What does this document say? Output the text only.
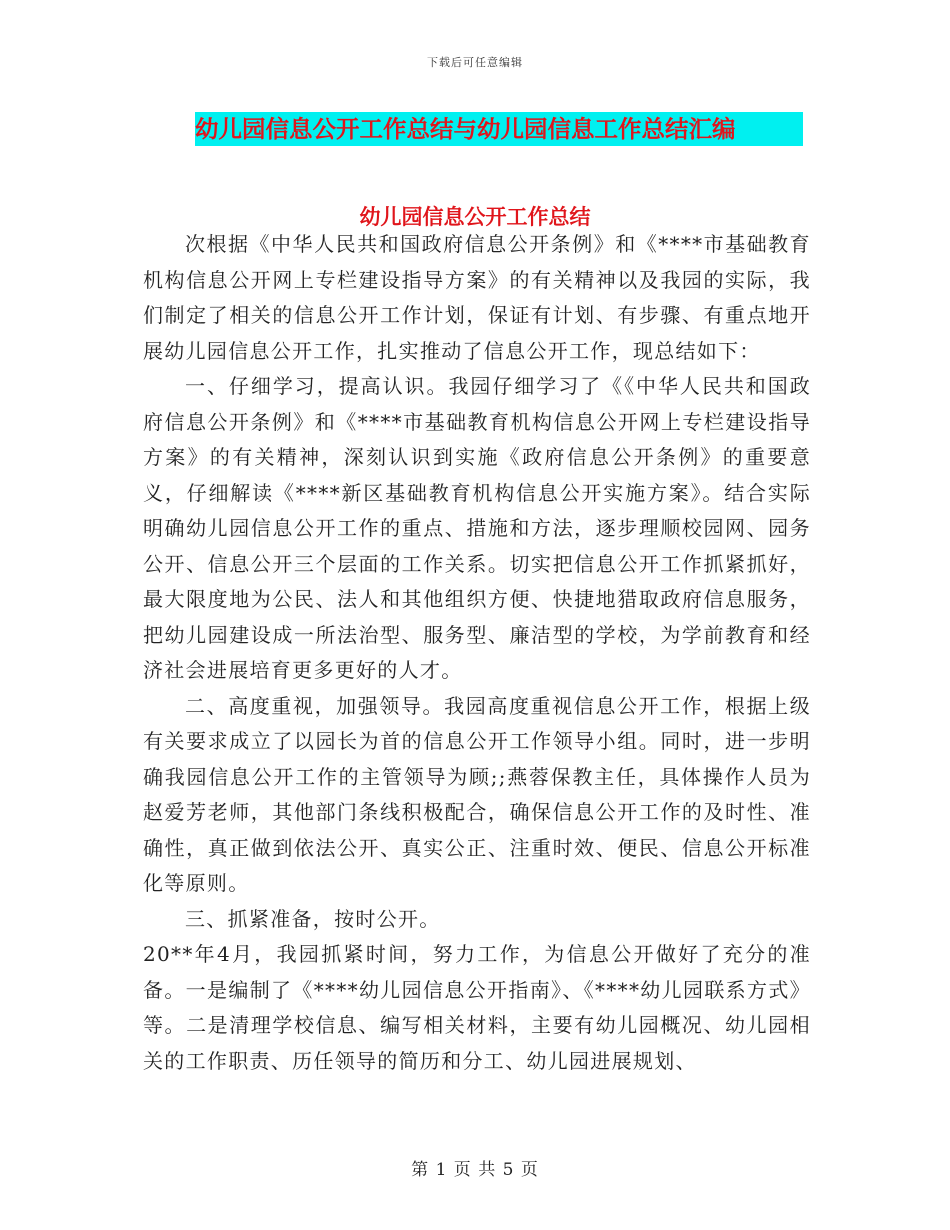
下载后可任意编辑
幼儿园信息公开工作总结与幼儿园信息工作总结汇编
幼儿园信息公开工作总结

次根据《中华人民共和国政府信息公开条例》和《****市基础教育机构信息公开网上专栏建设指导方案》的有关精神以及我园的实际，我们制定了相关的信息公开工作计划，保证有计划、有步骤、有重点地开展幼儿园信息公开工作，扎实推动了信息公开工作，现总结如下：

一、仔细学习，提高认识。我园仔细学习了《《中华人民共和国政府信息公开条例》和《****市基础教育机构信息公开网上专栏建设指导方案》的有关精神，深刻认识到实施《政府信息公开条例》的重要意义，仔细解读《****新区基础教育机构信息公开实施方案》。结合实际明确幼儿园信息公开工作的重点、措施和方法，逐步理顺校园网、园务公开、信息公开三个层面的工作关系。切实把信息公开工作抓紧抓好，最大限度地为公民、法人和其他组织方便、快捷地猎取政府信息服务，把幼儿园建设成一所法治型、服务型、廉洁型的学校，为学前教育和经济社会进展培育更多更好的人才。

二、高度重视，加强领导。我园高度重视信息公开工作，根据上级有关要求成立了以园长为首的信息公开工作领导小组。同时，进一步明确我园信息公开工作的主管领导为顾;;燕蓉保教主任，具体操作人员为赵爱芳老师，其他部门条线积极配合，确保信息公开工作的及时性、准确性，真正做到依法公开、真实公正、注重时效、便民、信息公开标准化等原则。

三、抓紧准备，按时公开。

20**年4月，我园抓紧时间，努力工作，为信息公开做好了充分的准备。一是编制了《****幼儿园信息公开指南》、《****幼儿园联系方式》等。二是清理学校信息、编写相关材料，主要有幼儿园概况、幼儿园相关的工作职责、历任领导的简历和分工、幼儿园进展规划、

第 1 页 共 5 页
